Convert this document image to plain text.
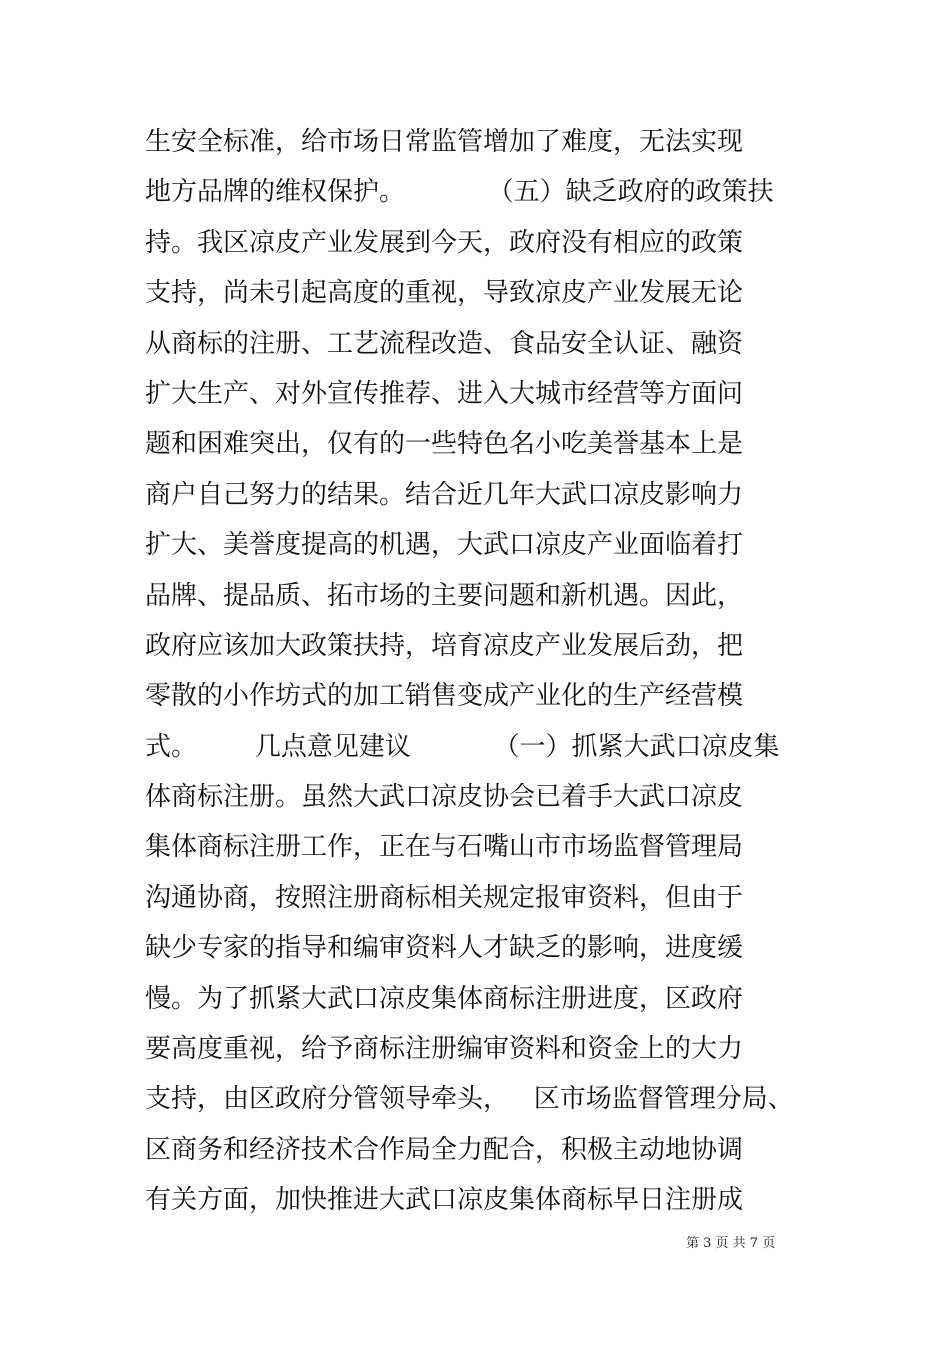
生安全标准，给市场日常监管增加了难度，无法实现
地方品牌的维权保护。          （五）缺乏政府的政策扶
持。我区凉皮产业发展到今天，政府没有相应的政策
支持，尚未引起高度的重视，导致凉皮产业发展无论
从商标的注册、工艺流程改造、食品安全认证、融资
扩大生产、对外宣传推荐、进入大城市经营等方面问
题和困难突出，仅有的一些特色名小吃美誉基本上是
商户自己努力的结果。结合近几年大武口凉皮影响力
扩大、美誉度提高的机遇，大武口凉皮产业面临着打
品牌、提品质、拓市场的主要问题和新机遇。因此，
政府应该加大政策扶持，培育凉皮产业发展后劲，把
零散的小作坊式的加工销售变成产业化的生产经营模
式。       几点意见建议          （一）抓紧大武口凉皮集
体商标注册。虽然大武口凉皮协会已着手大武口凉皮
集体商标注册工作，正在与石嘴山市市场监督管理局
沟通协商，按照注册商标相关规定报审资料，但由于
缺少专家的指导和编审资料人才缺乏的影响，进度缓
慢。为了抓紧大武口凉皮集体商标注册进度，区政府
要高度重视，给予商标注册编审资料和资金上的大力
支持，由区政府分管领导牵头，   区市场监督管理分局、
区商务和经济技术合作局全力配合，积极主动地协调
有关方面，加快推进大武口凉皮集体商标早日注册成
第 3 页 共 7 页
